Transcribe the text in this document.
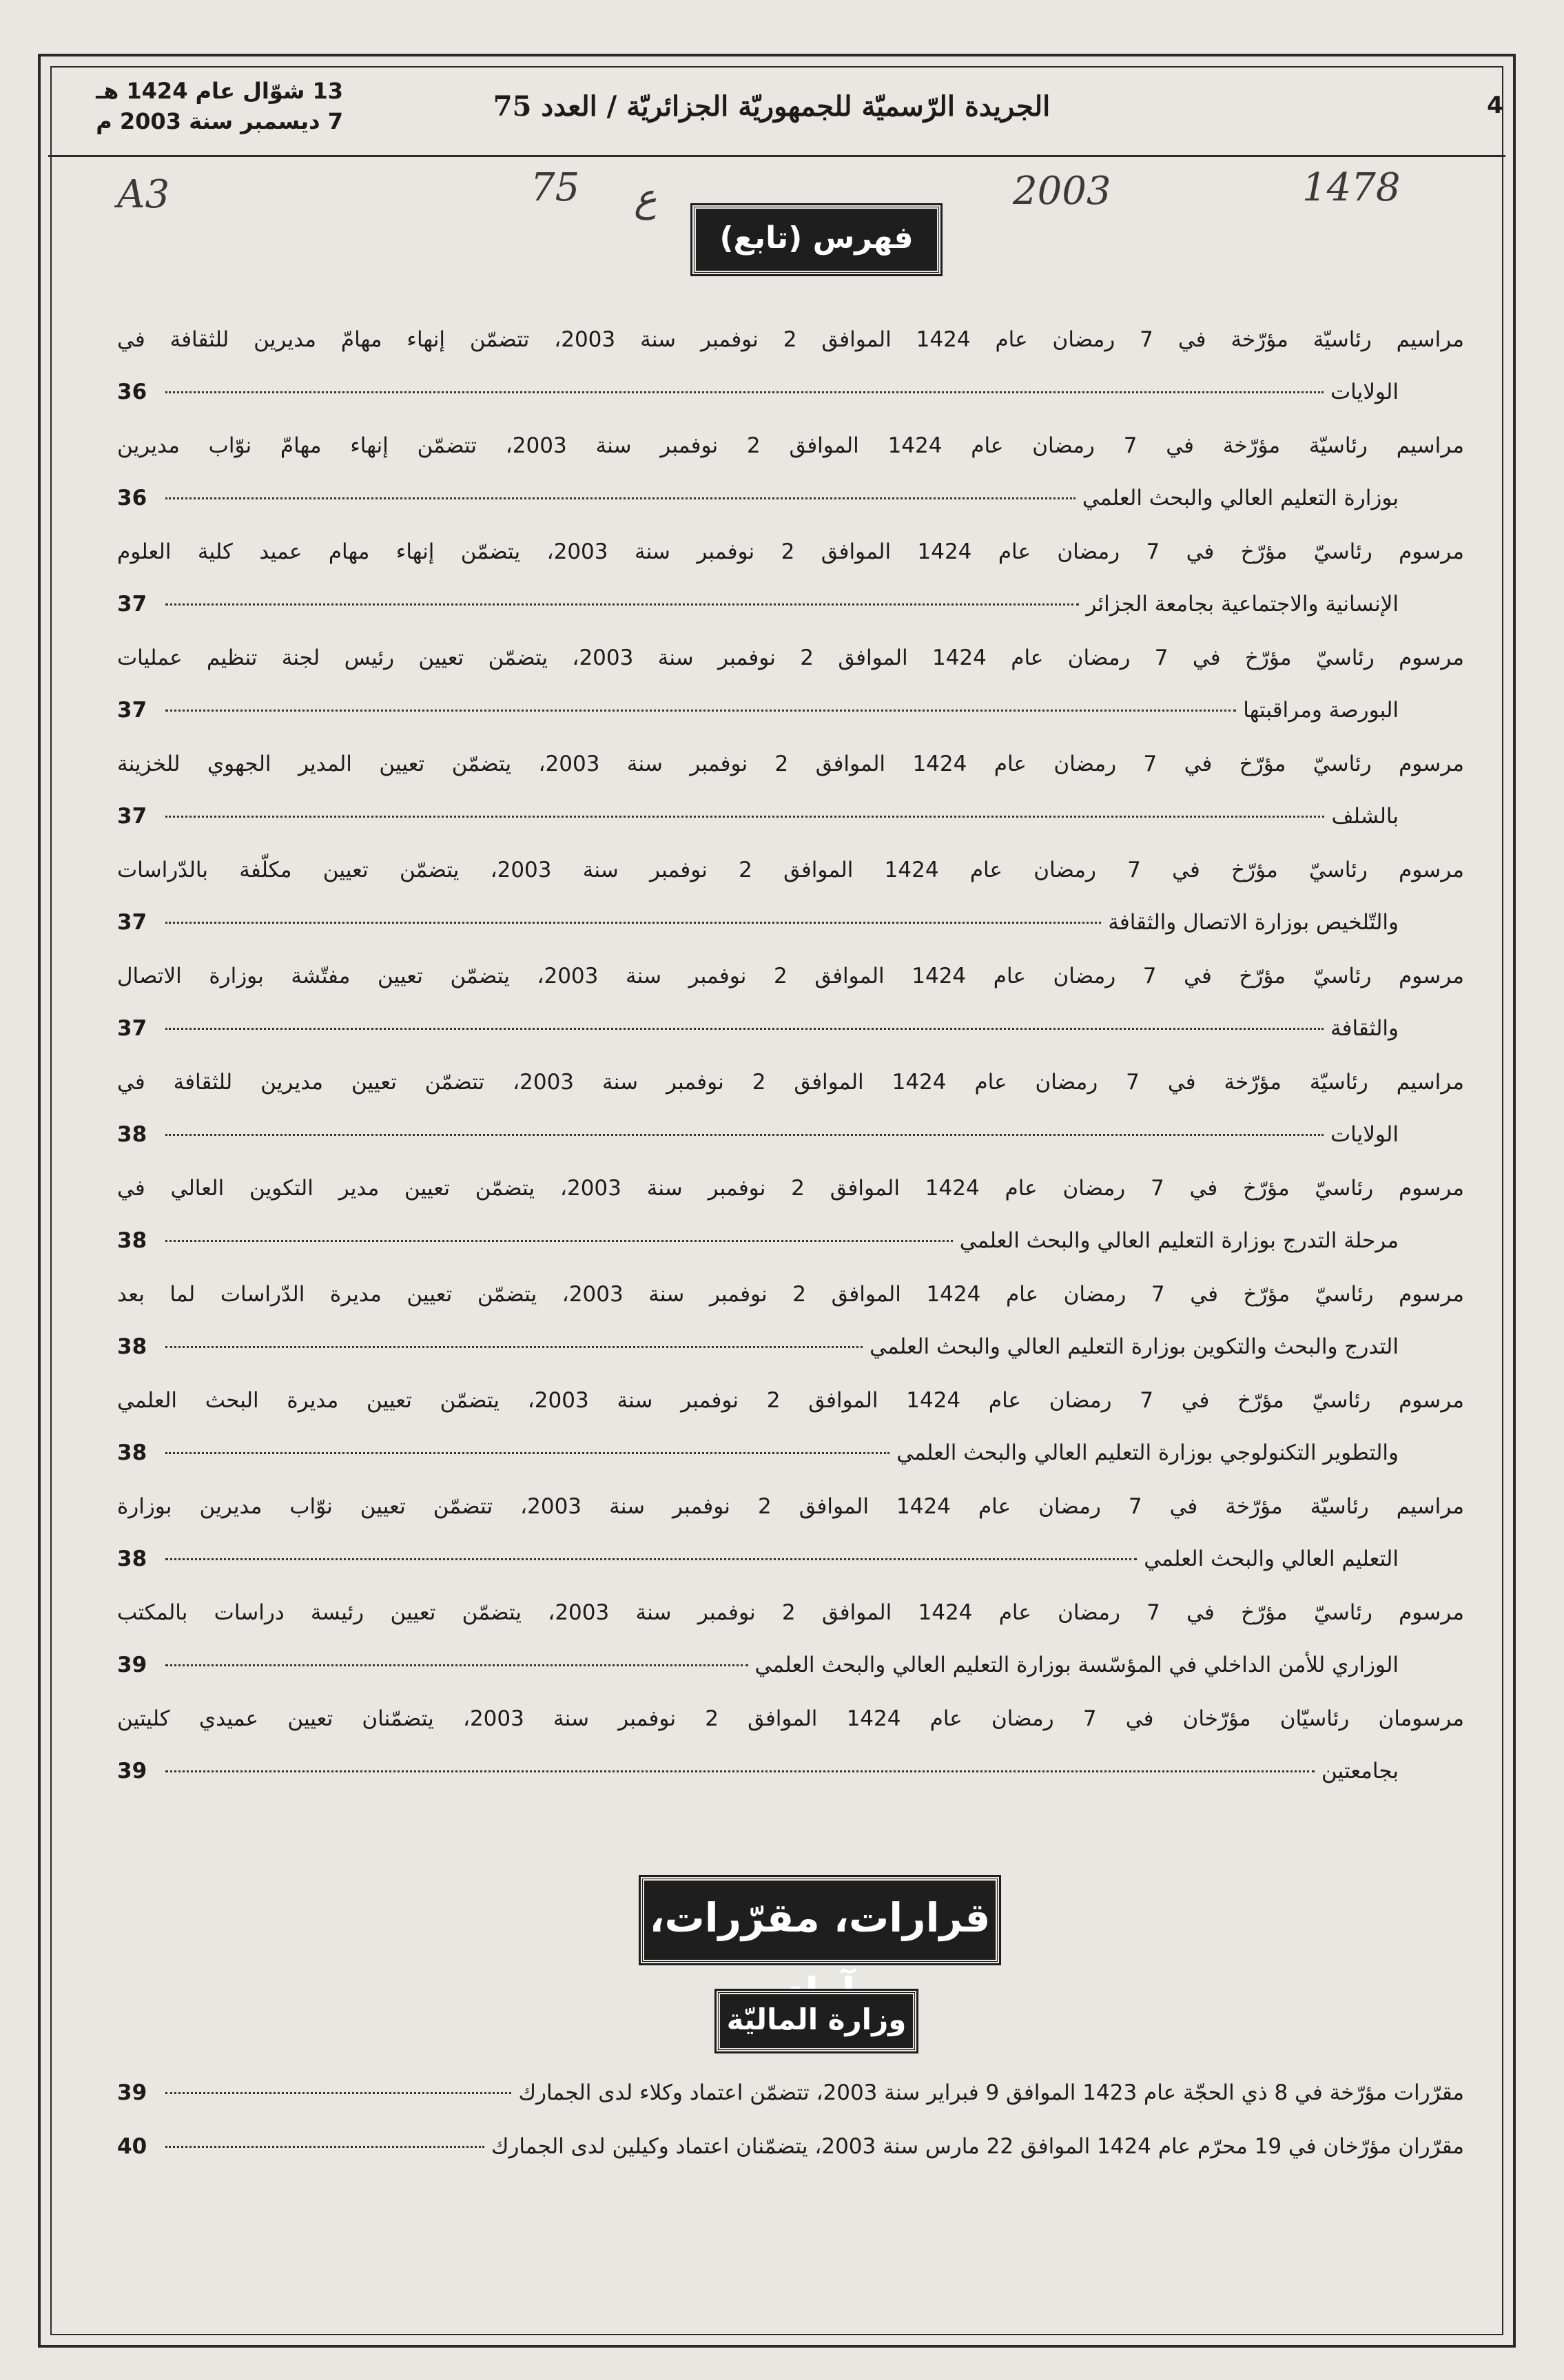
4
الجريدة الرّسميّة للجمهوريّة الجزائريّة / العدد 75
13 شوّال عام 1424 هـ
7 ديسمبر سنة 2003 م
A3	75 ع	2003	1478
فهرس (تابع)
مراسيم رئاسيّة مؤرّخة في 7 رمضان عام 1424 الموافق 2 نوفمبر سنة 2003، تتضمّن إنهاء مهامّ مديرين للثقافة في
الولايات
36
مراسيم رئاسيّة مؤرّخة في 7 رمضان عام 1424 الموافق 2 نوفمبر سنة 2003، تتضمّن إنهاء مهامّ نوّاب مديرين
بوزارة التعليم العالي والبحث العلمي
36
مرسوم رئاسيّ مؤرّخ في 7 رمضان عام 1424 الموافق 2 نوفمبر سنة 2003، يتضمّن إنهاء مهام عميد كلية العلوم
الإنسانية والاجتماعية بجامعة الجزائر
37
مرسوم رئاسيّ مؤرّخ في 7 رمضان عام 1424 الموافق 2 نوفمبر سنة 2003، يتضمّن تعيين رئيس لجنة تنظيم عمليات
البورصة ومراقبتها
37
مرسوم رئاسيّ مؤرّخ في 7 رمضان عام 1424 الموافق 2 نوفمبر سنة 2003، يتضمّن تعيين المدير الجهوي للخزينة
بالشلف
37
مرسوم رئاسيّ مؤرّخ في 7 رمضان عام 1424 الموافق 2 نوفمبر سنة 2003، يتضمّن تعيين مكلّفة بالدّراسات
والتّلخيص بوزارة الاتصال والثقافة
37
مرسوم رئاسيّ مؤرّخ في 7 رمضان عام 1424 الموافق 2 نوفمبر سنة 2003، يتضمّن تعيين مفتّشة بوزارة الاتصال
والثقافة
37
مراسيم رئاسيّة مؤرّخة في 7 رمضان عام 1424 الموافق 2 نوفمبر سنة 2003، تتضمّن تعيين مديرين للثقافة في
الولايات
38
مرسوم رئاسيّ مؤرّخ في 7 رمضان عام 1424 الموافق 2 نوفمبر سنة 2003، يتضمّن تعيين مدير التكوين العالي في
مرحلة التدرج بوزارة التعليم العالي والبحث العلمي
38
مرسوم رئاسيّ مؤرّخ في 7 رمضان عام 1424 الموافق 2 نوفمبر سنة 2003، يتضمّن تعيين مديرة الدّراسات لما بعد
التدرج والبحث والتكوين بوزارة التعليم العالي والبحث العلمي
38
مرسوم رئاسيّ مؤرّخ في 7 رمضان عام 1424 الموافق 2 نوفمبر سنة 2003، يتضمّن تعيين مديرة البحث العلمي
والتطوير التكنولوجي بوزارة التعليم العالي والبحث العلمي
38
مراسيم رئاسيّة مؤرّخة في 7 رمضان عام 1424 الموافق 2 نوفمبر سنة 2003، تتضمّن تعيين نوّاب مديرين بوزارة
التعليم العالي والبحث العلمي
38
مرسوم رئاسيّ مؤرّخ في 7 رمضان عام 1424 الموافق 2 نوفمبر سنة 2003، يتضمّن تعيين رئيسة دراسات بالمكتب
الوزاري للأمن الداخلي في المؤسّسة بوزارة التعليم العالي والبحث العلمي
39
مرسومان رئاسيّان مؤرّخان في 7 رمضان عام 1424 الموافق 2 نوفمبر سنة 2003، يتضمّنان تعيين عميدي كليتين
بجامعتين
39
قرارات، مقرّرات،
وزارة الماليّة
مقرّرات مؤرّخة في 8 ذي الحجّة عام 1423 الموافق 9 فبراير سنة 2003، تتضمّن اعتماد وكلاء لدى الجمارك
39
مقرّران مؤرّخان في 19 محرّم عام 1424 الموافق 22 مارس سنة 2003، يتضمّنان اعتماد وكيلين لدى الجمارك
40
